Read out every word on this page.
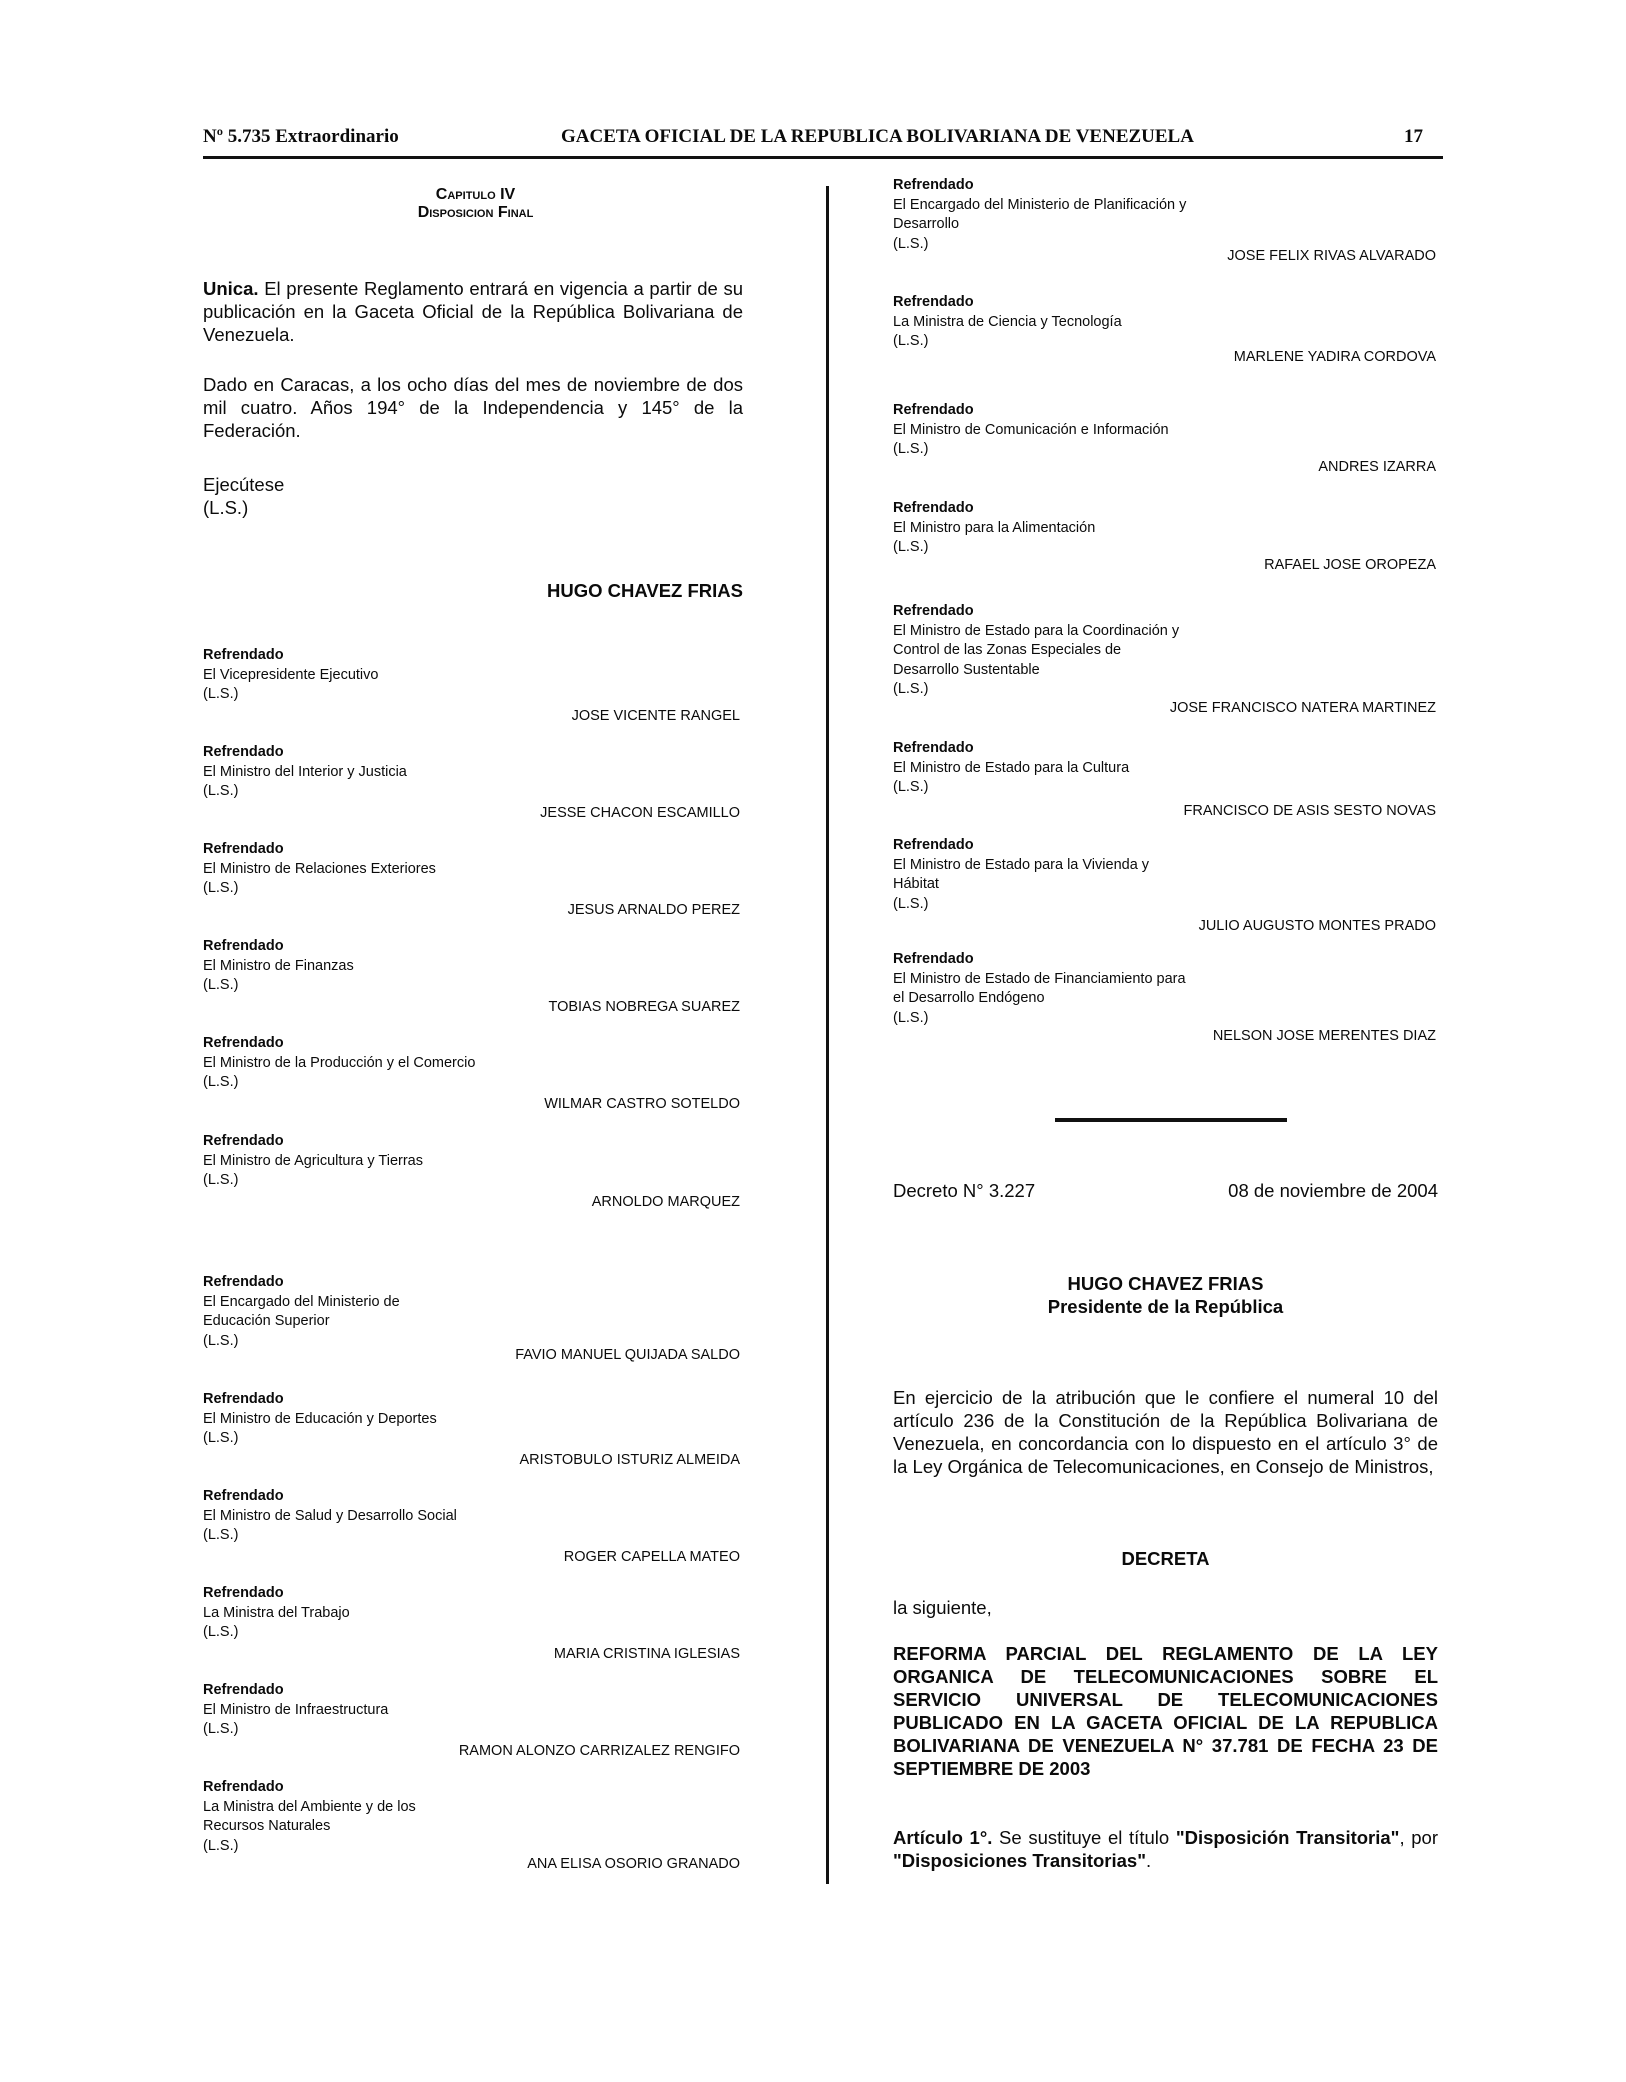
Nº 5.735 Extraordinario	GACETA OFICIAL DE LA REPUBLICA BOLIVARIANA DE VENEZUELA	17
Capitulo IV
Disposicion Final
Unica. El presente Reglamento entrará en vigencia a partir de su publicación en la Gaceta Oficial de la República Bolivariana de Venezuela.
Dado en Caracas, a los ocho días del mes de noviembre de dos mil cuatro. Años 194° de la Independencia y 145° de la Federación.
Ejecútese
(L.S.)
HUGO CHAVEZ FRIAS
Refrendado
El Vicepresidente Ejecutivo
(L.S.)
JOSE VICENTE RANGEL
Refrendado
El Ministro del Interior y Justicia
(L.S.)
JESSE CHACON ESCAMILLO
Refrendado
El Ministro de Relaciones Exteriores
(L.S.)
JESUS ARNALDO PEREZ
Refrendado
El Ministro de Finanzas
(L.S.)
TOBIAS NOBREGA SUAREZ
Refrendado
El Ministro de la Producción y el Comercio
(L.S.)
WILMAR CASTRO SOTELDO
Refrendado
El Ministro de Agricultura y Tierras
(L.S.)
ARNOLDO MARQUEZ
Refrendado
El Encargado del Ministerio de Educación Superior
(L.S.)
FAVIO MANUEL QUIJADA SALDO
Refrendado
El Ministro de Educación y Deportes
(L.S.)
ARISTOBULO ISTURIZ ALMEIDA
Refrendado
El Ministro de Salud y Desarrollo Social
(L.S.)
ROGER CAPELLA MATEO
Refrendado
La Ministra del Trabajo
(L.S.)
MARIA CRISTINA IGLESIAS
Refrendado
El Ministro de Infraestructura
(L.S.)
RAMON ALONZO CARRIZALEZ RENGIFO
Refrendado
La Ministra del Ambiente y de los Recursos Naturales
(L.S.)
ANA ELISA OSORIO GRANADO
Refrendado
El Encargado del Ministerio de Planificación y Desarrollo
(L.S.)
JOSE FELIX RIVAS ALVARADO
Refrendado
La Ministra de Ciencia y Tecnología
(L.S.)
MARLENE YADIRA CORDOVA
Refrendado
El Ministro de Comunicación e Información
(L.S.)
ANDRES IZARRA
Refrendado
El Ministro para la Alimentación
(L.S.)
RAFAEL JOSE OROPEZA
Refrendado
El Ministro de Estado para la Coordinación y Control de las Zonas Especiales de Desarrollo Sustentable
(L.S.)
JOSE FRANCISCO NATERA MARTINEZ
Refrendado
El Ministro de Estado para la Cultura
(L.S.)
FRANCISCO DE ASIS SESTO NOVAS
Refrendado
El Ministro de Estado para la Vivienda y Hábitat
(L.S.)
JULIO AUGUSTO MONTES PRADO
Refrendado
El Ministro de Estado de Financiamiento para el Desarrollo Endógeno
(L.S.)
NELSON JOSE MERENTES DIAZ
Decreto N° 3.227	08 de noviembre de 2004
HUGO CHAVEZ FRIAS
Presidente de la República
En ejercicio de la atribución que le confiere el numeral 10 del artículo 236 de la Constitución de la República Bolivariana de Venezuela, en concordancia con lo dispuesto en el artículo 3° de la Ley Orgánica de Telecomunicaciones, en Consejo de Ministros,
DECRETA
la siguiente,
REFORMA PARCIAL DEL REGLAMENTO DE LA LEY ORGANICA DE TELECOMUNICACIONES SOBRE EL SERVICIO UNIVERSAL DE TELECOMUNICACIONES PUBLICADO EN LA GACETA OFICIAL DE LA REPUBLICA BOLIVARIANA DE VENEZUELA N° 37.781 DE FECHA 23 DE SEPTIEMBRE DE 2003
Artículo 1°. Se sustituye el título "Disposición Transitoria", por "Disposiciones Transitorias".
